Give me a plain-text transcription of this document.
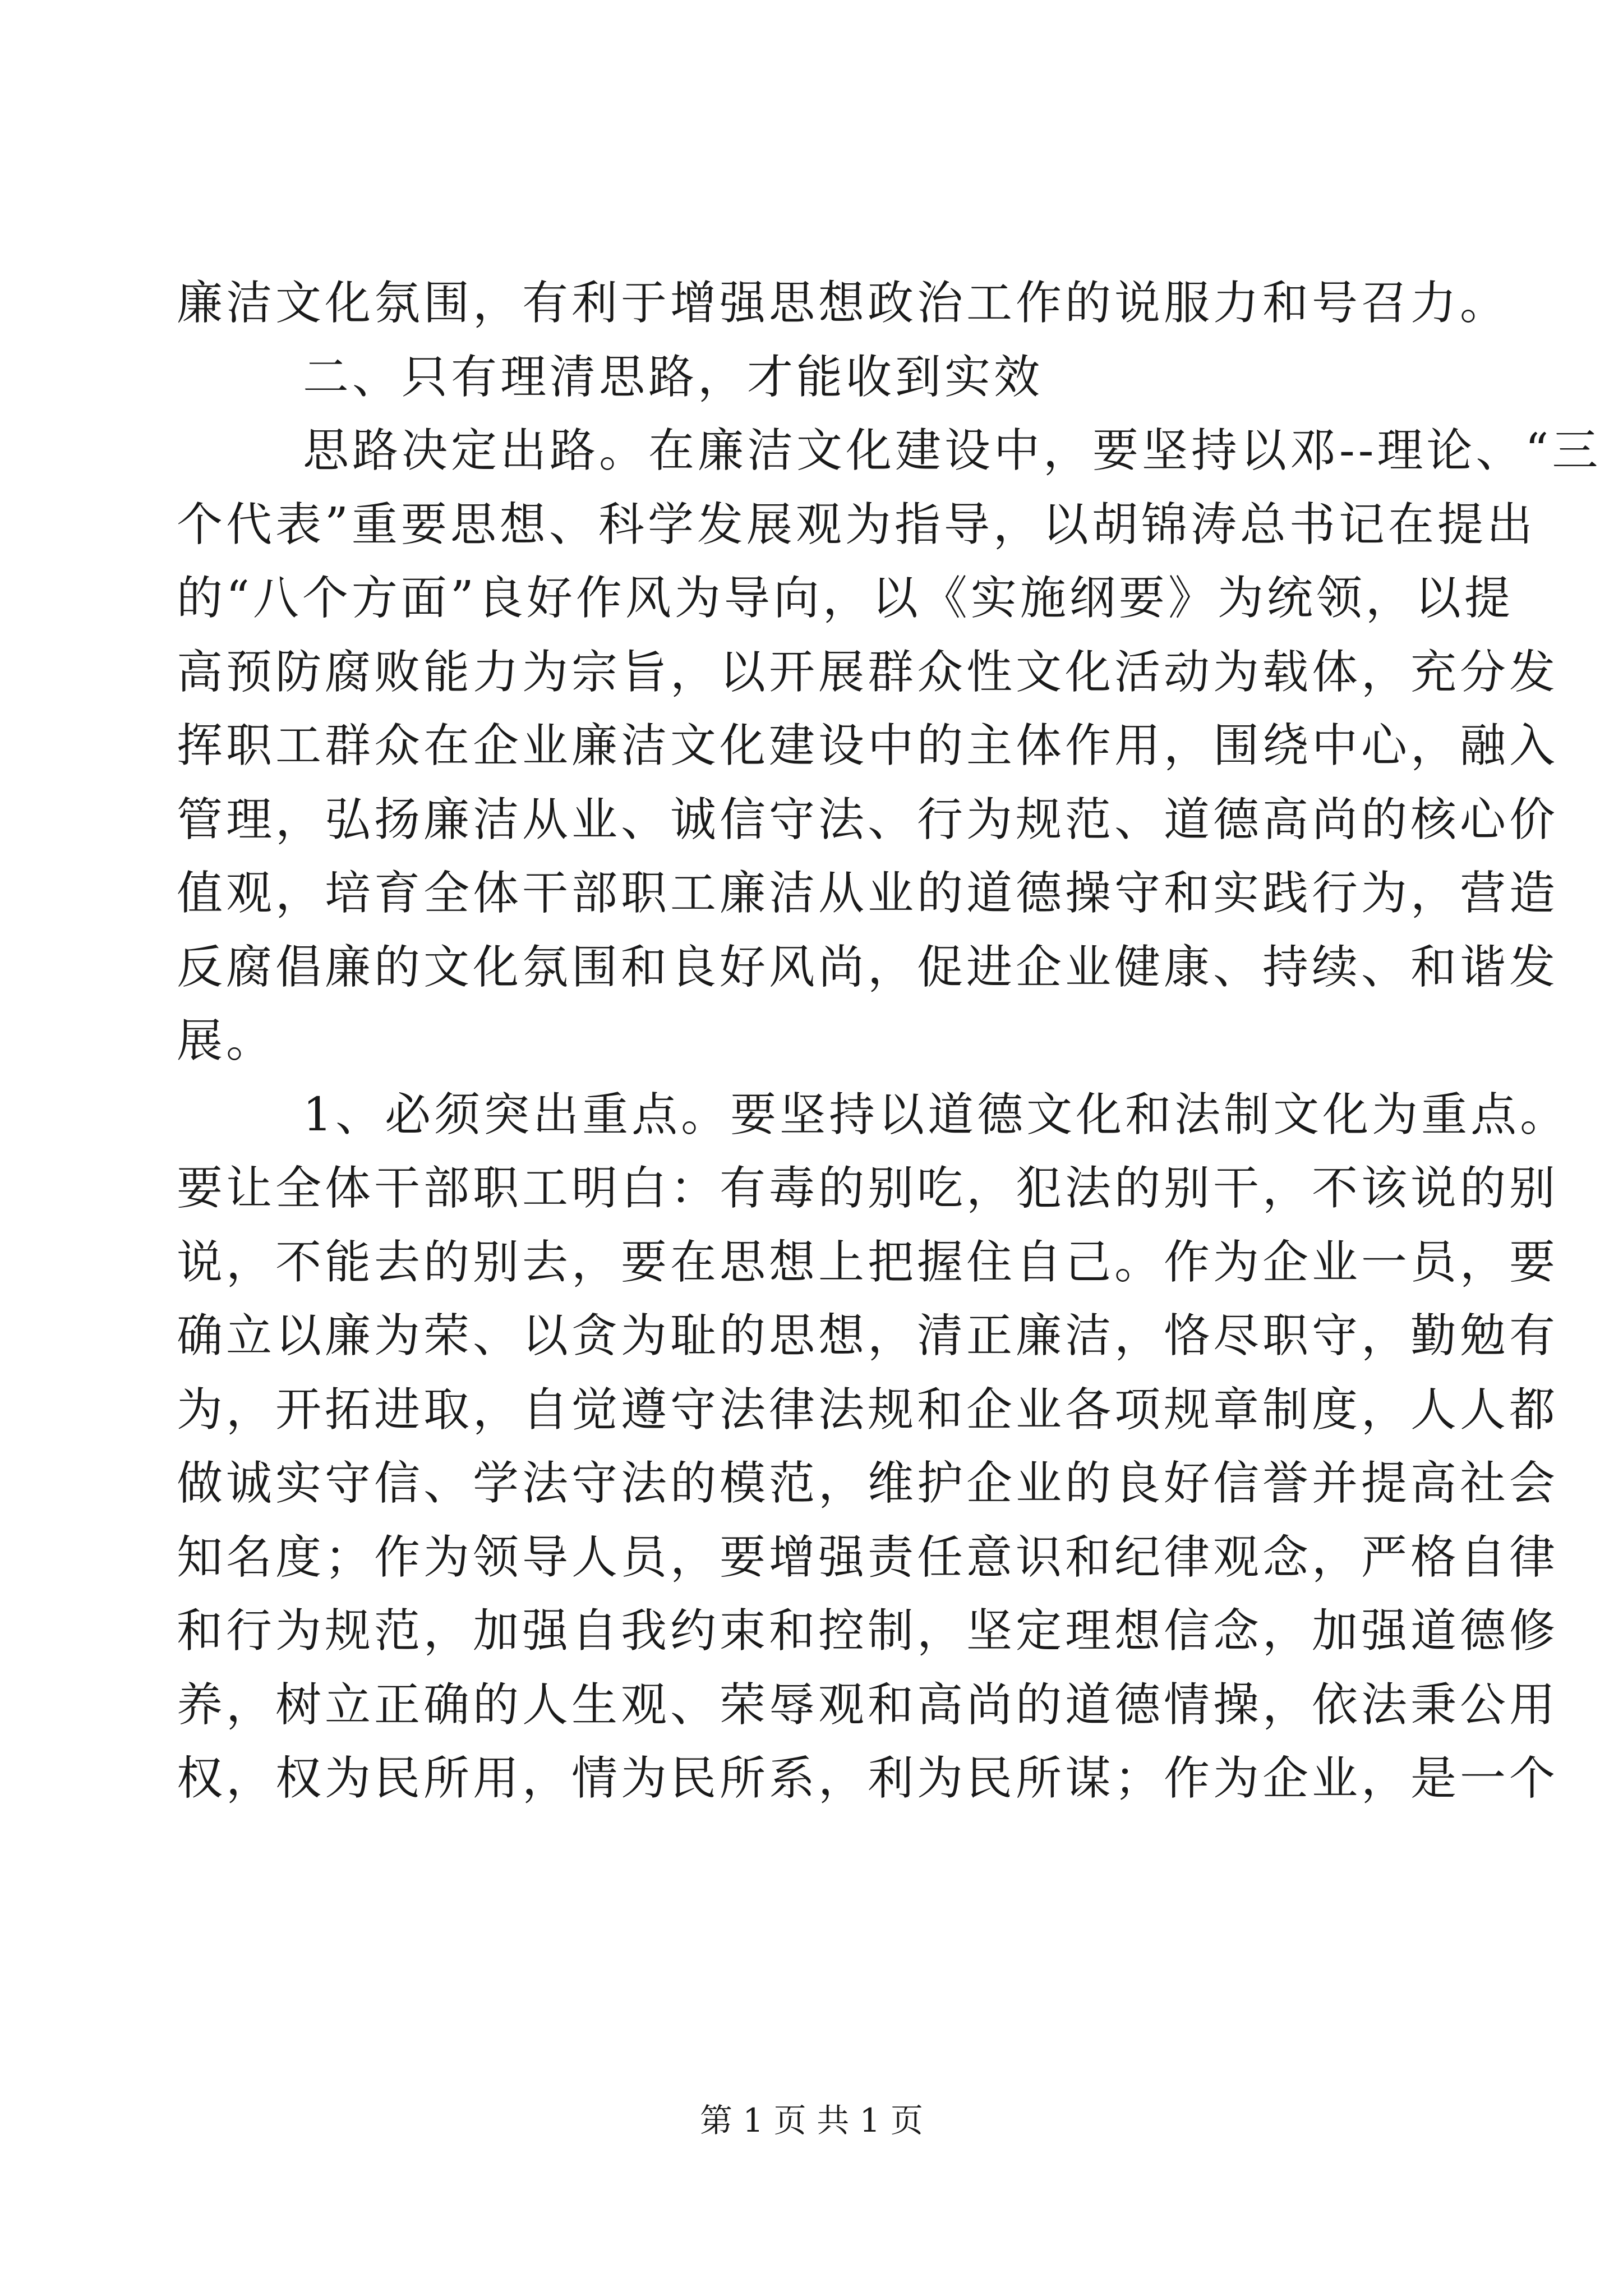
廉洁文化氛围，有利于增强思想政治工作的说服力和号召力。
二、只有理清思路，才能收到实效
思路决定出路。在廉洁文化建设中，要坚持以邓--理论、“三
个代表”重要思想、科学发展观为指导，以胡锦涛总书记在提出
的“八个方面”良好作风为导向，以《实施纲要》为统领，以提
高预防腐败能力为宗旨，以开展群众性文化活动为载体，充分发
挥职工群众在企业廉洁文化建设中的主体作用，围绕中心，融入
管理，弘扬廉洁从业、诚信守法、行为规范、道德高尚的核心价
值观，培育全体干部职工廉洁从业的道德操守和实践行为，营造
反腐倡廉的文化氛围和良好风尚，促进企业健康、持续、和谐发
展。
1、必须突出重点。要坚持以道德文化和法制文化为重点。
要让全体干部职工明白：有毒的别吃，犯法的别干，不该说的别
说，不能去的别去，要在思想上把握住自己。作为企业一员，要
确立以廉为荣、以贪为耻的思想，清正廉洁，恪尽职守，勤勉有
为，开拓进取，自觉遵守法律法规和企业各项规章制度，人人都
做诚实守信、学法守法的模范，维护企业的良好信誉并提高社会
知名度；作为领导人员，要增强责任意识和纪律观念，严格自律
和行为规范，加强自我约束和控制，坚定理想信念，加强道德修
养，树立正确的人生观、荣辱观和高尚的道德情操，依法秉公用
权，权为民所用，情为民所系，利为民所谋；作为企业，是一个
第 1 页 共 1 页
